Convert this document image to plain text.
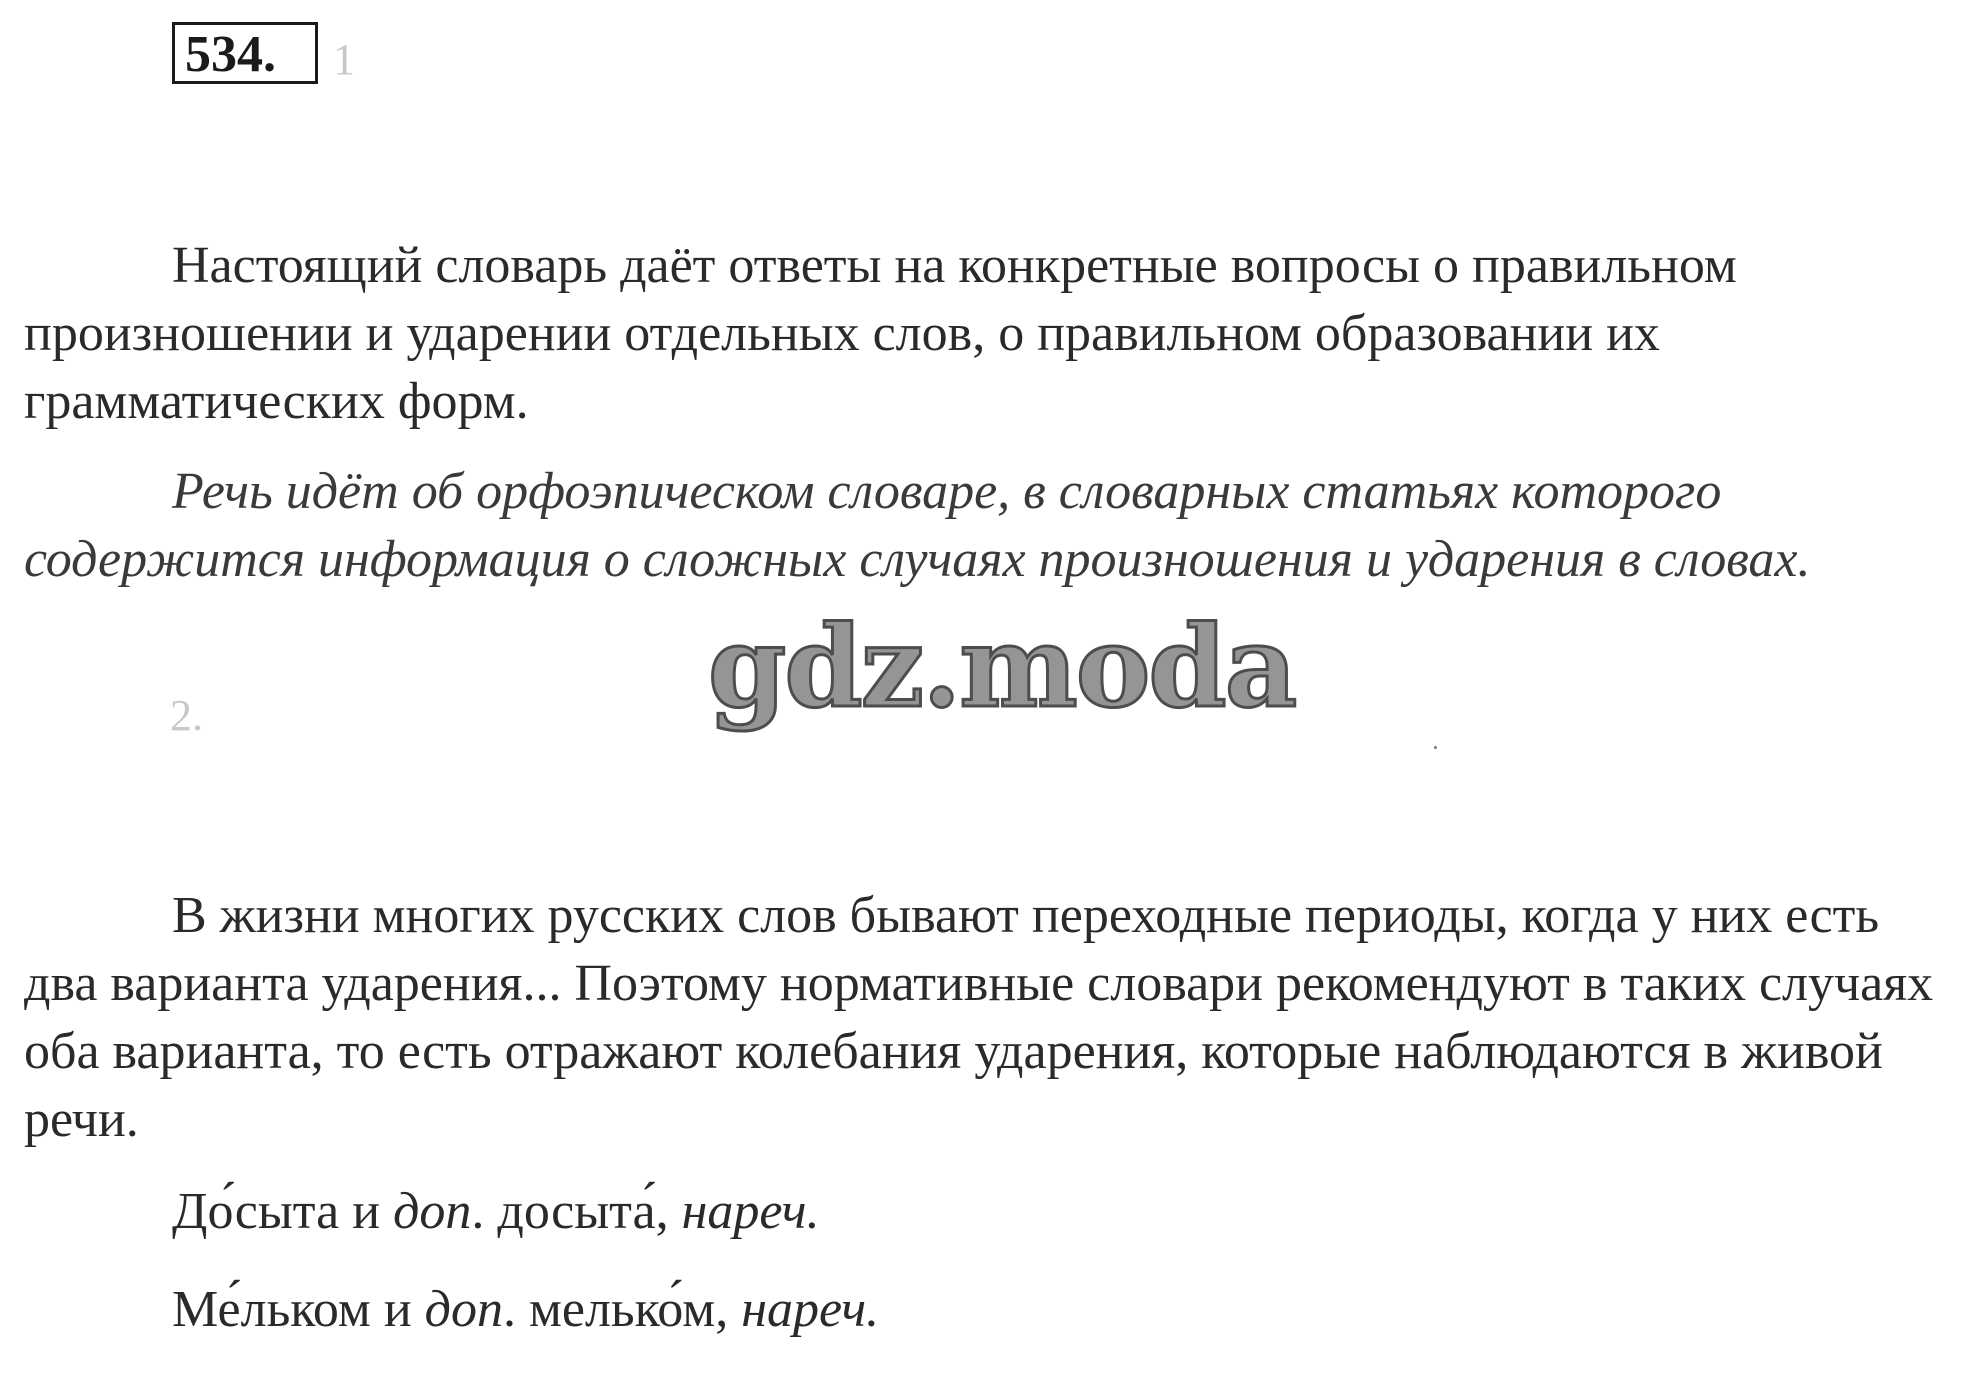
534.	1

Настоящий словарь даёт ответы на конкретные вопросы о правильном произношении и ударении отдельных слов, о правильном образовании их грамматических форм.

Речь идёт об орфоэпическом словаре, в словарных статьях которого содержится информация о сложных случаях произношения и ударения в словах.

gdz.moda
2.

В жизни многих русских слов бывают переходные периоды, когда у них есть два варианта ударения... Поэтому нормативные словари рекомендуют в таких случаях оба варианта, то есть отражают колебания ударения, которые наблюдаются в живой речи.

До́сыта и доп. досыта́, нареч.

Ме́льком и доп. мелько́м, нареч.
